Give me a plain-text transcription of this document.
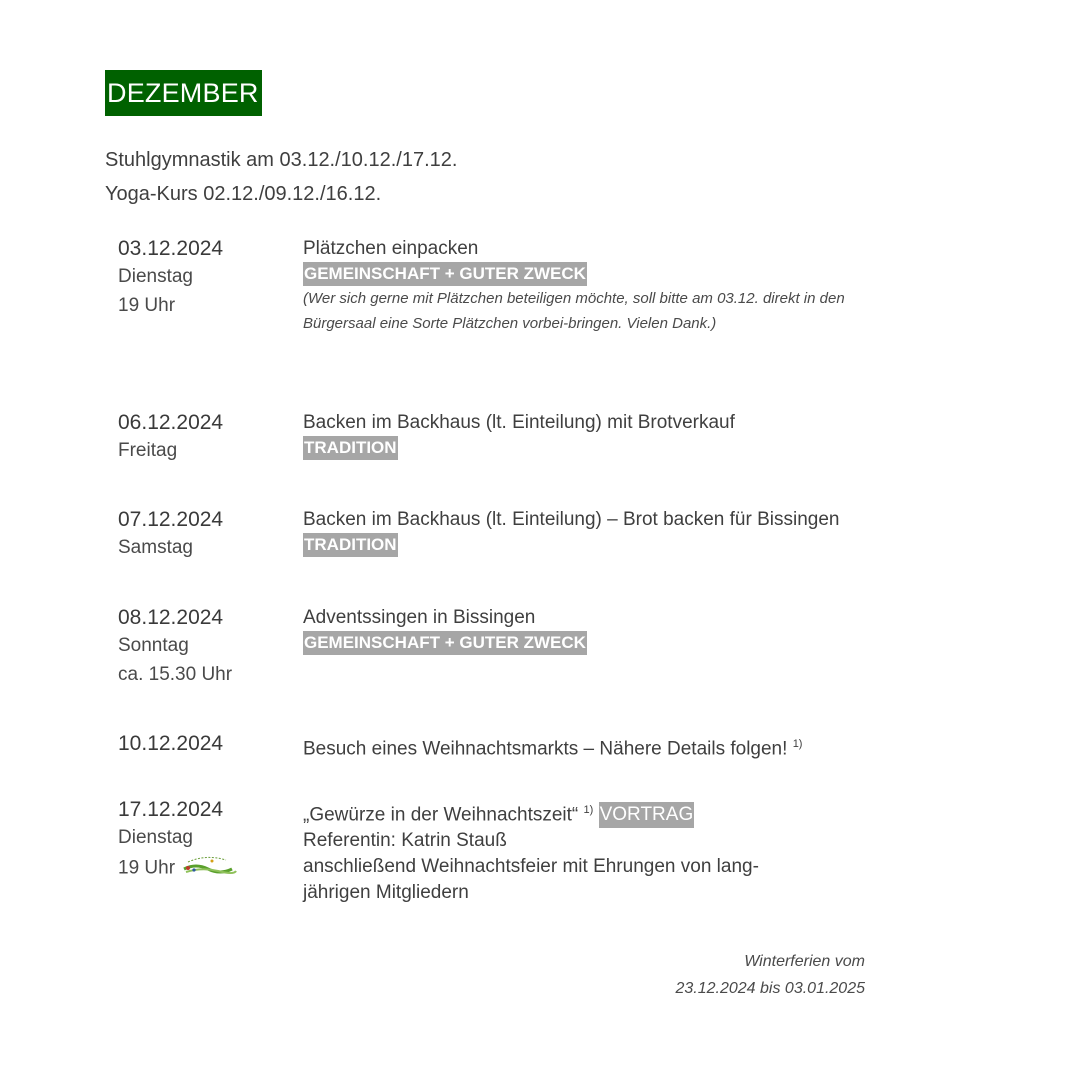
DEZEMBER
Stuhlgymnastik am 03.12./10.12./17.12.
Yoga-Kurs 02.12./09.12./16.12.
03.12.2024
Dienstag
19 Uhr
Plätzchen einpacken
GEMEINSCHAFT + GUTER ZWECK
(Wer sich gerne mit Plätzchen beteiligen möchte, soll bitte am 03.12. direkt in den Bürgersaal eine Sorte Plätzchen vorbei-bringen. Vielen Dank.)
06.12.2024
Freitag
Backen im Backhaus (lt. Einteilung) mit Brotverkauf
TRADITION
07.12.2024
Samstag
Backen im Backhaus (lt. Einteilung) – Brot backen für Bissingen
TRADITION
08.12.2024
Sonntag
ca. 15.30 Uhr
Adventssingen in Bissingen
GEMEINSCHAFT + GUTER ZWECK
10.12.2024	Besuch eines Weihnachtsmarkts – Nähere Details folgen! $^{1)}$
17.12.2024
Dienstag
19 Uhr
„Gewürze in der Weihnachtszeit“ $^{1)}$ VORTRAG
Referentin: Katrin Stauß
anschließend Weihnachtsfeier mit Ehrungen von lang-
jährigen Mitgliedern
Winterferien vom
23.12.2024 bis 03.01.2025
